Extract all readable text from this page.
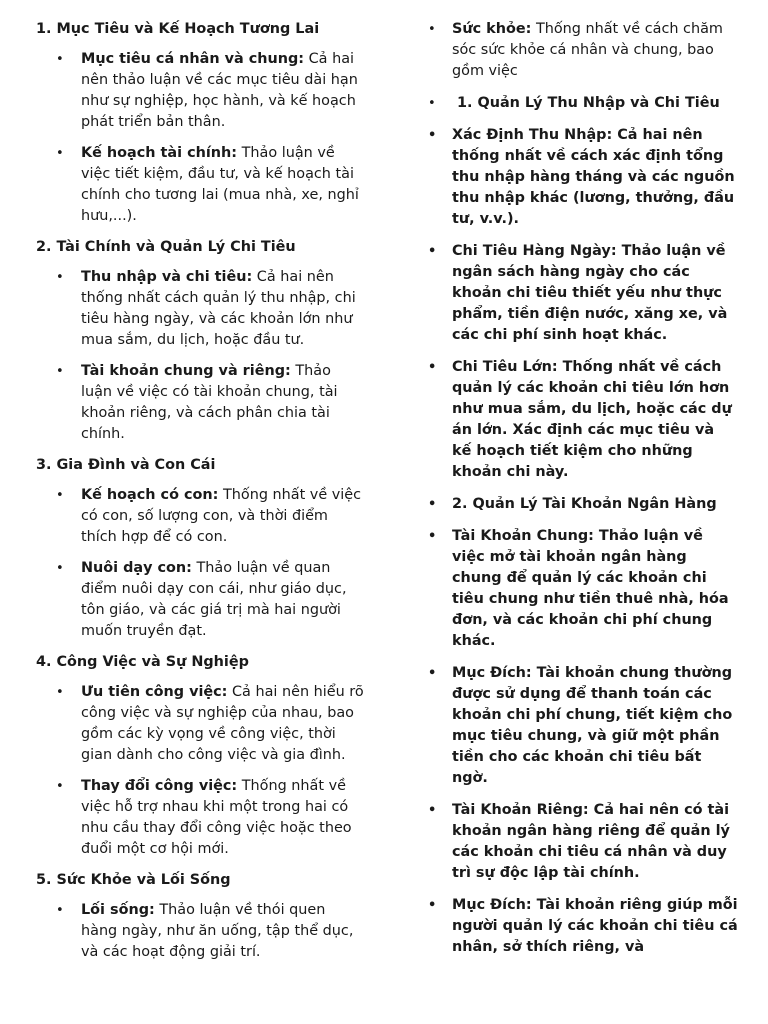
1. Mục Tiêu và Kế Hoạch Tương Lai
• Mục tiêu cá nhân và chung: Cả hai nên thảo luận về các mục tiêu dài hạn như sự nghiệp, học hành, và kế hoạch phát triển bản thân.
• Kế hoạch tài chính: Thảo luận về việc tiết kiệm, đầu tư, và kế hoạch tài chính cho tương lai (mua nhà, xe, nghỉ hưu,...).
2. Tài Chính và Quản Lý Chi Tiêu
• Thu nhập và chi tiêu: Cả hai nên thống nhất cách quản lý thu nhập, chi tiêu hàng ngày, và các khoản lớn như mua sắm, du lịch, hoặc đầu tư.
• Tài khoản chung và riêng: Thảo luận về việc có tài khoản chung, tài khoản riêng, và cách phân chia tài chính.
3. Gia Đình và Con Cái
• Kế hoạch có con: Thống nhất về việc có con, số lượng con, và thời điểm thích hợp để có con.
• Nuôi dạy con: Thảo luận về quan điểm nuôi dạy con cái, như giáo dục, tôn giáo, và các giá trị mà hai người muốn truyền đạt.
4. Công Việc và Sự Nghiệp
• Ưu tiên công việc: Cả hai nên hiểu rõ công việc và sự nghiệp của nhau, bao gồm các kỳ vọng về công việc, thời gian dành cho công việc và gia đình.
• Thay đổi công việc: Thống nhất về việc hỗ trợ nhau khi một trong hai có nhu cầu thay đổi công việc hoặc theo đuổi một cơ hội mới.
5. Sức Khỏe và Lối Sống
• Lối sống: Thảo luận về thói quen hàng ngày, như ăn uống, tập thể dục, và các hoạt động giải trí.
• Sức khỏe: Thống nhất về cách chăm sóc sức khỏe cá nhân và chung, bao gồm việc
• 1. Quản Lý Thu Nhập và Chi Tiêu
• Xác Định Thu Nhập: Cả hai nên thống nhất về cách xác định tổng thu nhập hàng tháng và các nguồn thu nhập khác (lương, thưởng, đầu tư, v.v.).
• Chi Tiêu Hàng Ngày: Thảo luận về ngân sách hàng ngày cho các khoản chi tiêu thiết yếu như thực phẩm, tiền điện nước, xăng xe, và các chi phí sinh hoạt khác.
• Chi Tiêu Lớn: Thống nhất về cách quản lý các khoản chi tiêu lớn hơn như mua sắm, du lịch, hoặc các dự án lớn. Xác định các mục tiêu và kế hoạch tiết kiệm cho những khoản chi này.
• 2. Quản Lý Tài Khoản Ngân Hàng
• Tài Khoản Chung: Thảo luận về việc mở tài khoản ngân hàng chung để quản lý các khoản chi tiêu chung như tiền thuê nhà, hóa đơn, và các khoản chi phí chung khác.
• Mục Đích: Tài khoản chung thường được sử dụng để thanh toán các khoản chi phí chung, tiết kiệm cho mục tiêu chung, và giữ một phần tiền cho các khoản chi tiêu bất ngờ.
• Tài Khoản Riêng: Cả hai nên có tài khoản ngân hàng riêng để quản lý các khoản chi tiêu cá nhân và duy trì sự độc lập tài chính.
• Mục Đích: Tài khoản riêng giúp mỗi người quản lý các khoản chi tiêu cá nhân, sở thích riêng, và
